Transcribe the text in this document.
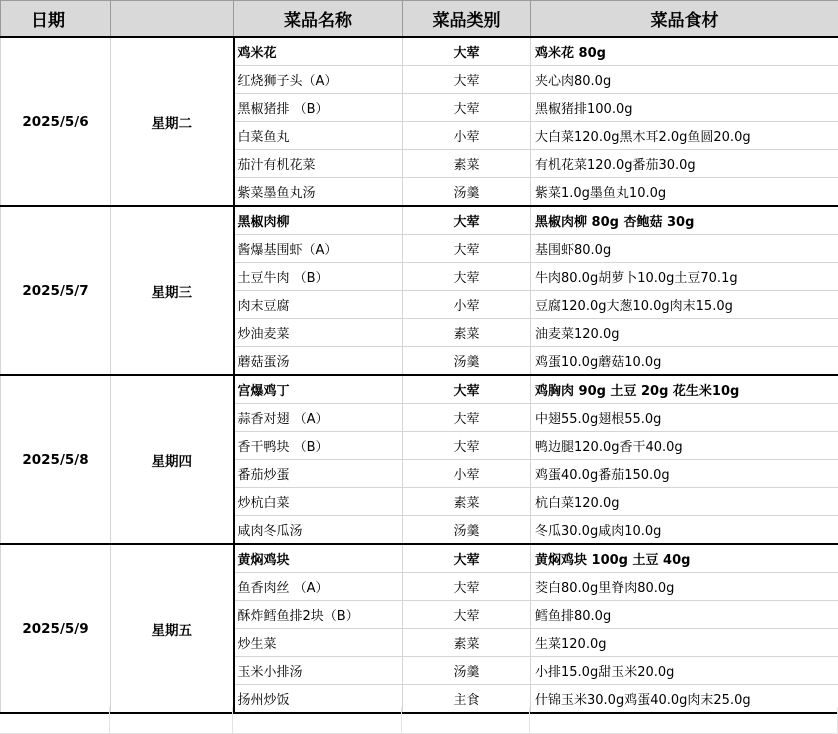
日期		菜品名称	菜品类别	菜品食材
2025/5/6	星期二	鸡米花	大荤	鸡米花 80g
		红烧狮子头（A）	大荤	夹心肉80.0g
		黑椒猪排 （B）	大荤	黑椒猪排100.0g
		白菜鱼丸	小荤	大白菜120.0g黑木耳2.0g鱼圆20.0g
		茄汁有机花菜	素菜	有机花菜120.0g番茄30.0g
		紫菜墨鱼丸汤	汤羹	紫菜1.0g墨鱼丸10.0g
2025/5/7	星期三	黑椒肉柳	大荤	黑椒肉柳 80g 杏鲍菇 30g
		酱爆基围虾（A）	大荤	基围虾80.0g
		土豆牛肉 （B）	大荤	牛肉80.0g胡萝卜10.0g土豆70.1g
		肉末豆腐	小荤	豆腐120.0g大葱10.0g肉末15.0g
		炒油麦菜	素菜	油麦菜120.0g
		蘑菇蛋汤	汤羹	鸡蛋10.0g蘑菇10.0g
2025/5/8	星期四	宫爆鸡丁	大荤	鸡胸肉 90g 土豆 20g 花生米10g
		蒜香对翅 （A）	大荤	中翅55.0g翅根55.0g
		香干鸭块 （B）	大荤	鸭边腿120.0g香干40.0g
		番茄炒蛋	小荤	鸡蛋40.0g番茄150.0g
		炒杭白菜	素菜	杭白菜120.0g
		咸肉冬瓜汤	汤羹	冬瓜30.0g咸肉10.0g
2025/5/9	星期五	黄焖鸡块	大荤	黄焖鸡块 100g 土豆 40g
		鱼香肉丝 （A）	大荤	茭白80.0g里脊肉80.0g
		酥炸鳕鱼排2块（B）	大荤	鳕鱼排80.0g
		炒生菜	素菜	生菜120.0g
		玉米小排汤	汤羹	小排15.0g甜玉米20.0g
		扬州炒饭	主食	什锦玉米30.0g鸡蛋40.0g肉末25.0g
